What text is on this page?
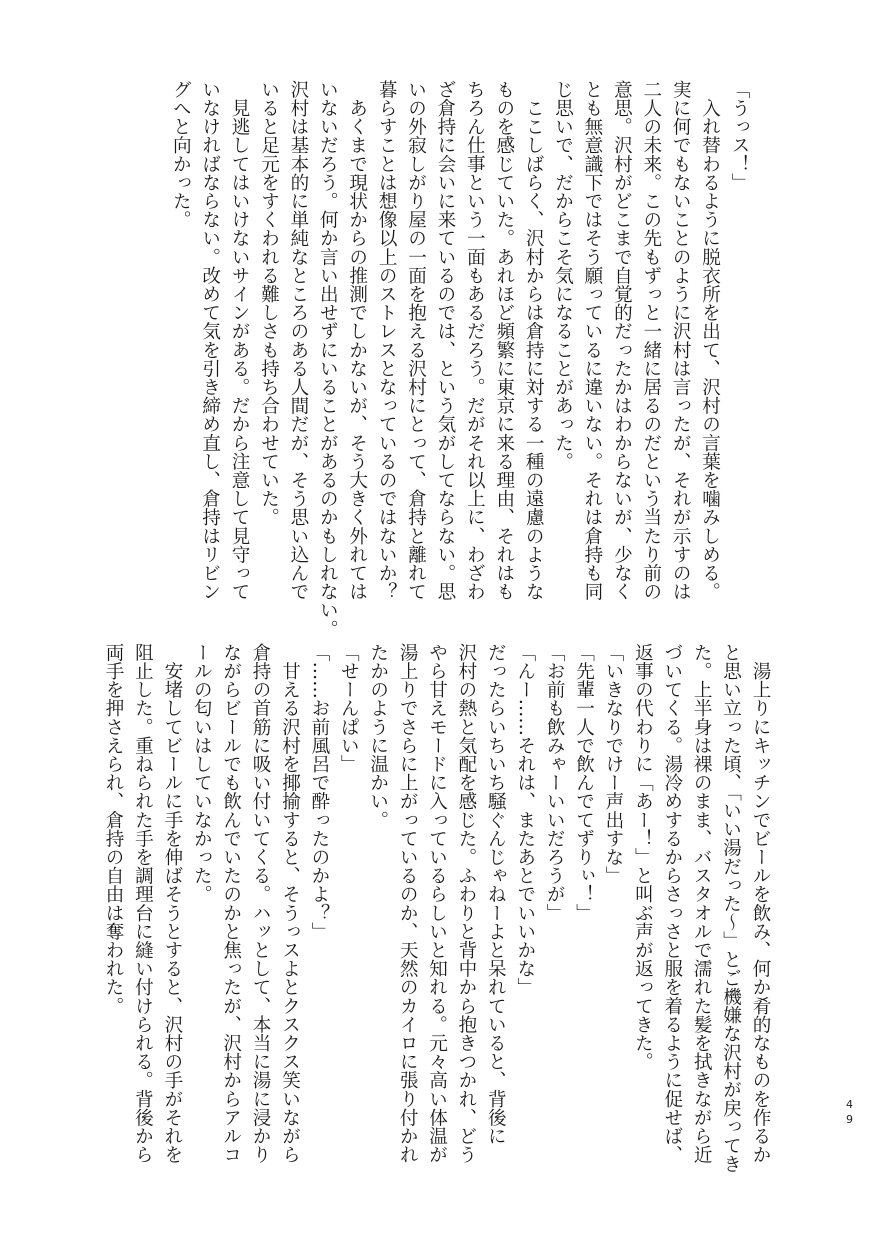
「うっス！」
　入れ替わるように脱衣所を出て、沢村の言葉を噛みしめる。
実に何でもないことのように沢村は言ったが、それが示すのは
二人の未来。この先もずっと一緒に居るのだという当たり前の
意思。沢村がどこまで自覚的だったかはわからないが、少なく
とも無意識下ではそう願っているに違いない。それは倉持も同
じ思いで、だからこそ気になることがあった。
　ここしばらく、沢村からは倉持に対する一種の遠慮のような
ものを感じていた。あれほど頻繁に東京に来る理由、それはも
ちろん仕事という一面もあるだろう。だがそれ以上に、わざわ
ざ倉持に会いに来ているのでは、という気がしてならない。思
いの外寂しがり屋の一面を抱える沢村にとって、倉持と離れて
暮らすことは想像以上のストレスとなっているのではないか？
　あくまで現状からの推測でしかないが、そう大きく外れては
いないだろう。何か言い出せずにいることがあるのかもしれない。
沢村は基本的に単純なところのある人間だが、そう思い込んで
いると足元をすくわれる難しさも持ち合わせていた。
　見逃してはいけないサインがある。だから注意して見守って
いなければならない。改めて気を引き締め直し、倉持はリビン
グへと向かった。
　湯上りにキッチンでビールを飲み、何か肴的なものを作るか
と思い立った頃、「いい湯だった〜」とご機嫌な沢村が戻ってき
た。上半身は裸のまま、バスタオルで濡れた髪を拭きながら近
づいてくる。湯冷めするからさっさと服を着るように促せば、
返事の代わりに「あー！」と叫ぶ声が返ってきた。
「いきなりでけー声出すな」
「先輩一人で飲んでてずりぃ！」
「お前も飲みゃーいいだろうが」
「んー……それは、またあとでいいかな」
だったらいちいち騒ぐんじゃねーよと呆れていると、背後に
沢村の熱と気配を感じた。ふわりと背中から抱きつかれ、どう
やら甘えモードに入っているらしいと知れる。元々高い体温が
湯上りでさらに上がっているのか、天然のカイロに張り付かれ
たかのように温かい。
「せーんぱい」
「……お前風呂で酔ったのかよ？」
　甘える沢村を揶揄すると、そうっスよとクスクス笑いながら
倉持の首筋に吸い付いてくる。ハッとして、本当に湯に浸かり
ながらビールでも飲んでいたのかと焦ったが、沢村からアルコ
ールの匂いはしていなかった。
　安堵してビールに手を伸ばそうとすると、沢村の手がそれを
阻止した。重ねられた手を調理台に縫い付けられる。背後から
両手を押さえられ、倉持の自由は奪われた。
49
